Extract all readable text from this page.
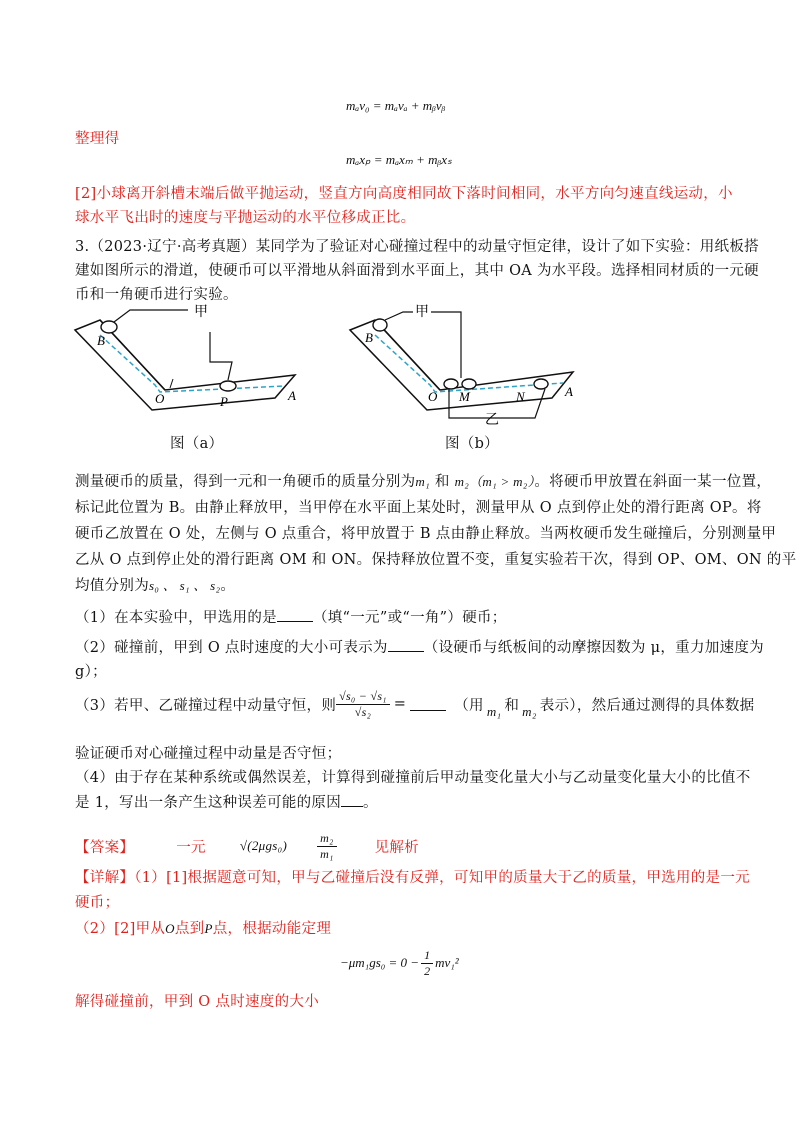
mₐv₀ = mₐvₐ + mᵦvᵦ
整理得
mₐxₚ = mₐxₘ + mᵦxₛ
[2]小球离开斜槽末端后做平抛运动，竖直方向高度相同故下落时间相同，水平方向匀速直线运动，小
球水平飞出时的速度与平抛运动的水平位移成正比。
3.（2023·辽宁·高考真题）某同学为了验证对心碰撞过程中的动量守恒定律，设计了如下实验：用纸板搭
建如图所示的滑道，使硬币可以平滑地从斜面滑到水平面上，其中 OA 为水平段。选择相同材质的一元硬
币和一角硬币进行实验。
甲
B
O	P	A
图（a）
甲
B
O M	N	A
乙
图（b）
测量硬币的质量，得到一元和一角硬币的质量分别为m₁ 和 m₂（m₁ > m₂）。将硬币甲放置在斜面一某一位置，
标记此位置为 B。由静止释放甲，当甲停在水平面上某处时，测量甲从 O 点到停止处的滑行距离 OP。将
硬币乙放置在 O 处，左侧与 O 点重合，将甲放置于 B 点由静止释放。当两枚硬币发生碰撞后，分别测量甲
乙从 O 点到停止处的滑行距离 OM 和 ON。保持释放位置不变，重复实验若干次，得到 OP、OM、ON 的平
均值分别为s₀ 、 s₁ 、 s₂。
（1）在本实验中，甲选用的是 （填“一元”或“一角”）硬币；
（2）碰撞前，甲到 O 点时速度的大小可表示为 （设硬币与纸板间的动摩擦因数为 μ，重力加速度为
g）；
（3）若甲、乙碰撞过程中动量守恒，则 $\frac{\text{√s₀ − √s₁}}{\text{√s₂}}$ =	（用 m₁ 和 m₂ 表示），然后通过测得的具体数据
验证硬币对心碰撞过程中动量是否守恒；
（4）由于存在某种系统或偶然误差，计算得到碰撞前后甲动量变化量大小与乙动量变化量大小的比值不
是 1，写出一条产生这种误差可能的原因 。
【答案】	一元	√(2μgs₀)	$\frac{\text{m₂}}{\text{m₁}}$	见解析
【详解】（1）[1]根据题意可知，甲与乙碰撞后没有反弹，可知甲的质量大于乙的质量，甲选用的是一元
硬币；
（2）[2]甲从O点到P点，根据动能定理
$-\mu m_1gs_0 = 0 - \frac{1}{2} mv_1^2$
解得碰撞前，甲到 O 点时速度的大小
